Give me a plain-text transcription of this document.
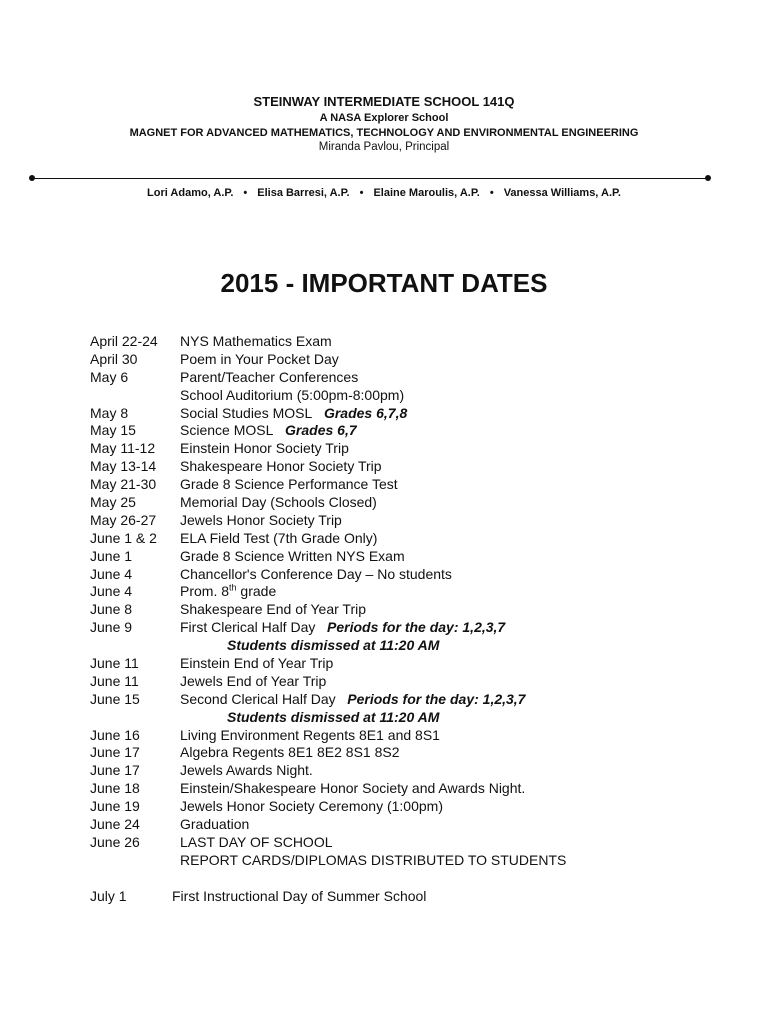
STEINWAY INTERMEDIATE SCHOOL 141Q
A NASA Explorer School
MAGNET FOR ADVANCED MATHEMATICS, TECHNOLOGY AND ENVIRONMENTAL ENGINEERING
Miranda Pavlou, Principal
Lori Adamo, A.P. • Elisa Barresi, A.P. • Elaine Maroulis, A.P. • Vanessa Williams, A.P.
2015 - IMPORTANT DATES
April 22-24 NYS Mathematics Exam
April 30	Poem in Your Pocket Day
May 6	Parent/Teacher Conferences
School Auditorium (5:00pm-8:00pm)
May 8	Social Studies MOSL Grades 6,7,8
May 15	Science MOSL Grades 6,7
May 11-12 Einstein Honor Society Trip
May 13-14 Shakespeare Honor Society Trip
May 21-30 Grade 8 Science Performance Test
May 25	Memorial Day (Schools Closed)
May 26-27 Jewels Honor Society Trip
June 1 & 2 ELA Field Test (7th Grade Only)
June 1	Grade 8 Science Written NYS Exam
June 4	Chancellor's Conference Day – No students
June 4	Prom. 8th grade
June 8	Shakespeare End of Year Trip
June 9	First Clerical Half Day Periods for the day: 1,2,3,7
Students dismissed at 11:20 AM
June 11	Einstein End of Year Trip
June 11	Jewels End of Year Trip
June 15	Second Clerical Half Day Periods for the day: 1,2,3,7
Students dismissed at 11:20 AM
June 16	Living Environment Regents 8E1 and 8S1
June 17	Algebra Regents 8E1 8E2 8S1 8S2
June 17	Jewels Awards Night.
June 18	Einstein/Shakespeare Honor Society and Awards Night.
June 19	Jewels Honor Society Ceremony (1:00pm)
June 24	Graduation
June 26	LAST DAY OF SCHOOL
REPORT CARDS/DIPLOMAS DISTRIBUTED TO STUDENTS
July 1	First Instructional Day of Summer School
